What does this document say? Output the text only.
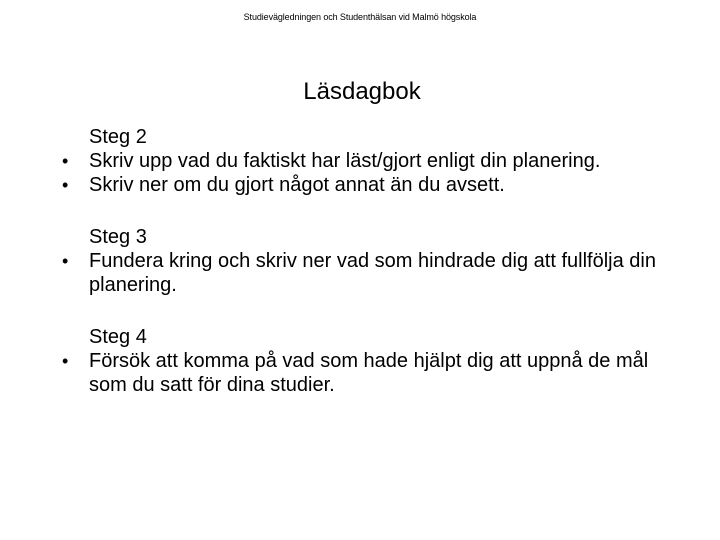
Studievägledningen och Studenthälsan vid Malmö högskola
Läsdagbok
Steg 2
•	Skriv upp vad du faktiskt har läst/gjort enligt din planering.
•	Skriv ner om du gjort något annat än du avsett.
Steg 3
•	Fundera kring och skriv ner vad som hindrade dig att fullfölja din planering.
Steg 4
•	Försök att komma på vad som hade hjälpt dig att uppnå de mål som du satt för dina studier.
